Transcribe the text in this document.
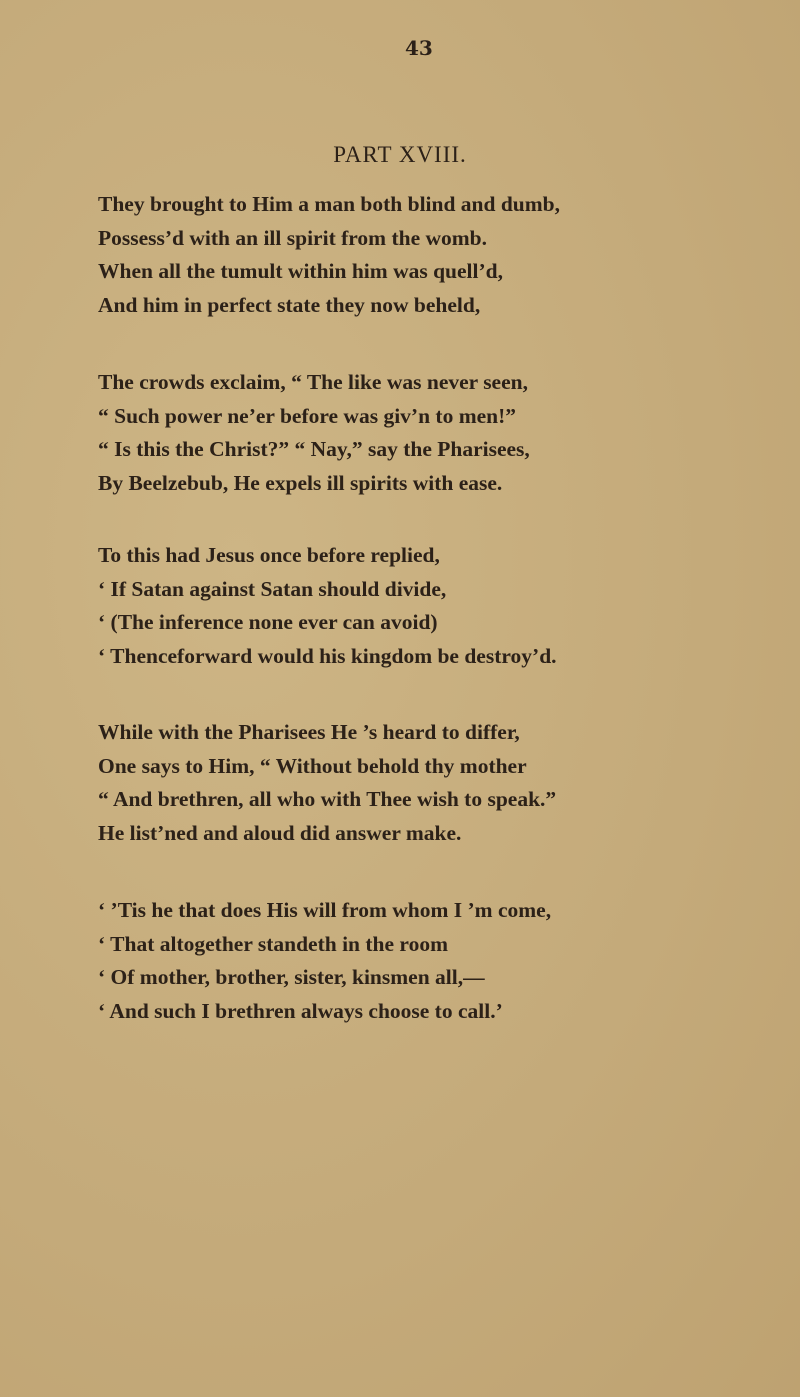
43
PART XVIII.
They brought to Him a man both blind and dumb,
Possess’d with an ill spirit from the womb.
When all the tumult within him was quell’d,
And him in perfect state they now beheld,
The crowds exclaim, “ The like was never seen,
“ Such power ne’er before was giv’n to men!”
“ Is this the Christ?” “ Nay,” say the Pharisees,
By Beelzebub, He expels ill spirits with ease.
To this had Jesus once before replied,
‘ If Satan against Satan should divide,
‘ (The inference none ever can avoid)
‘ Thenceforward would his kingdom be destroy’d.
While with the Pharisees He ’s heard to differ,
One says to Him, “ Without behold thy mother
“ And brethren, all who with Thee wish to speak.”
He list’ned and aloud did answer make.
‘ ’Tis he that does His will from whom I ’m come,
‘ That altogether standeth in the room
‘ Of mother, brother, sister, kinsmen all,—
‘ And such I brethren always choose to call.’
